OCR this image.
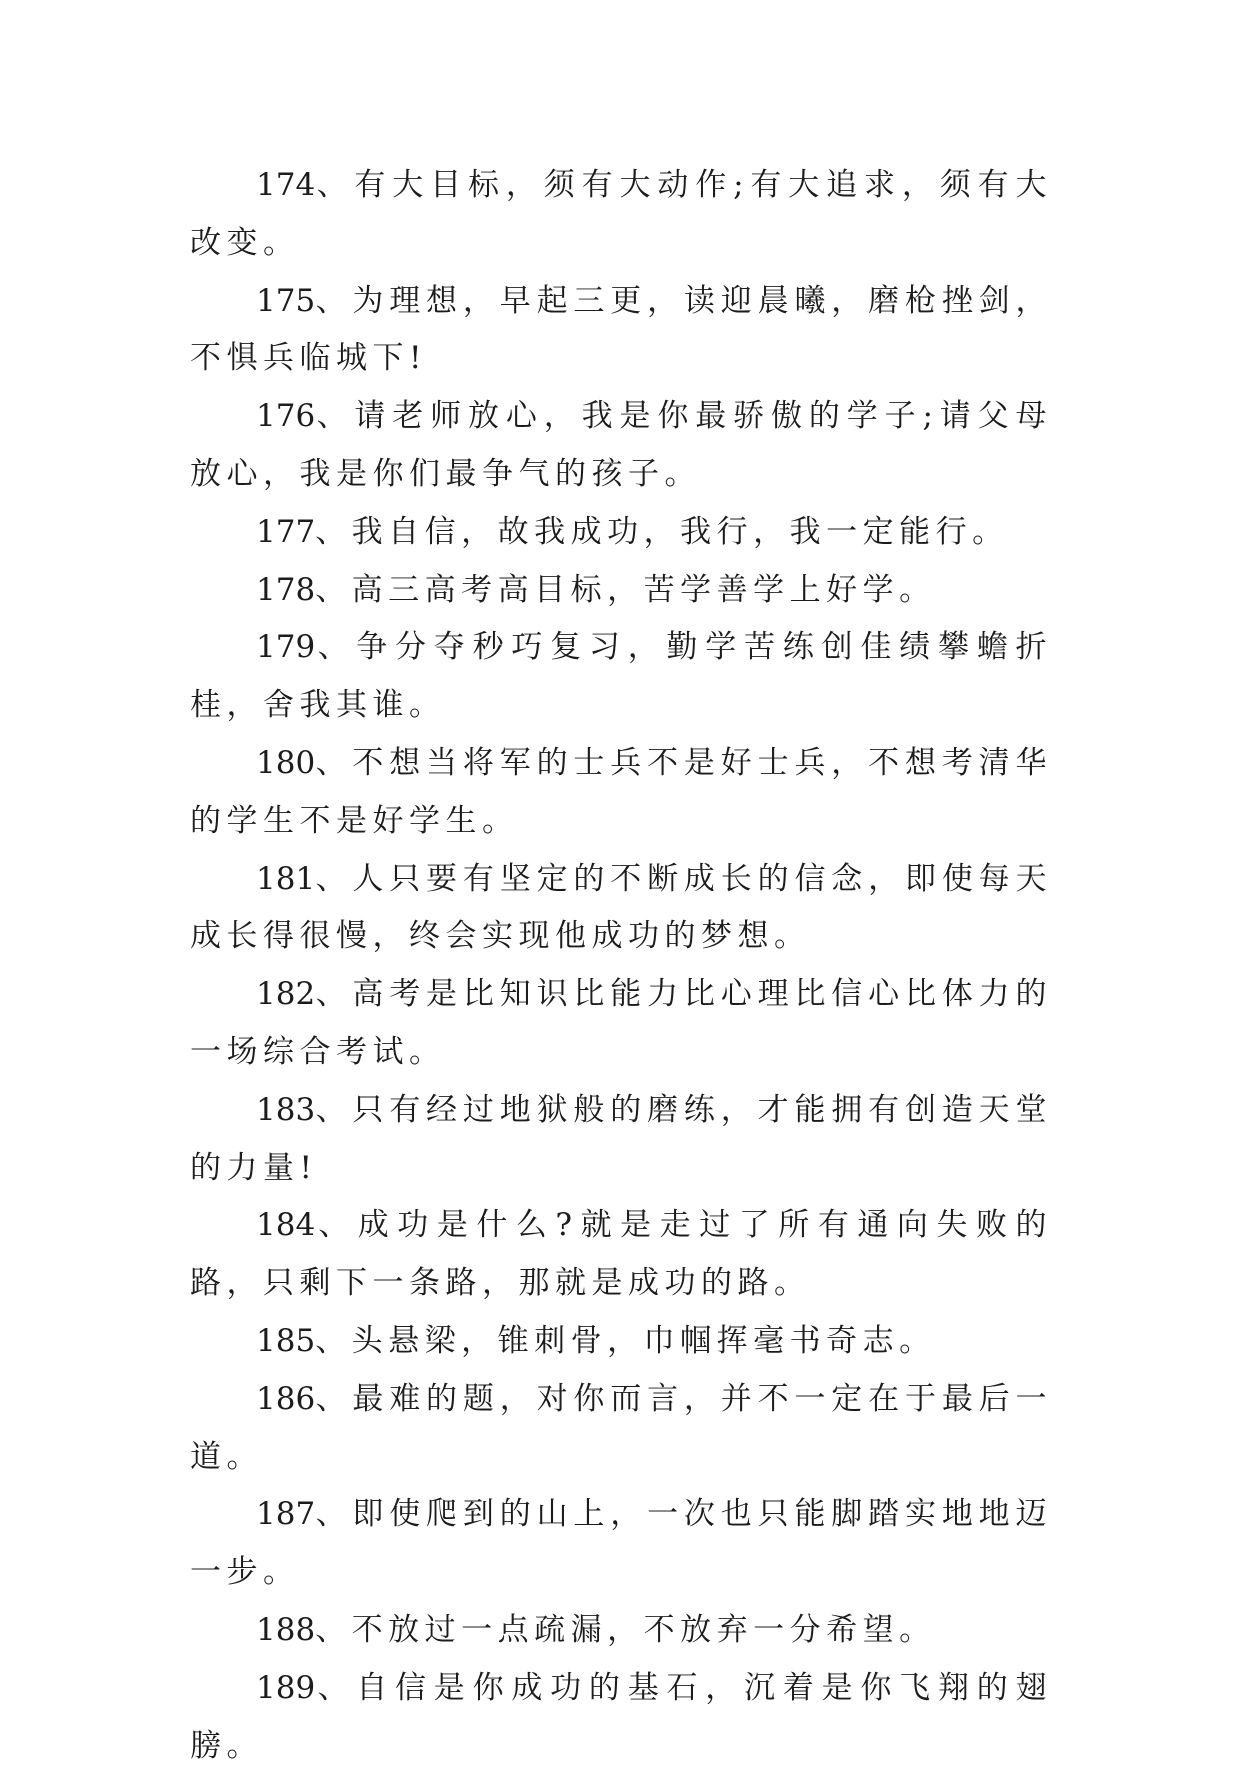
174、有大目标，须有大动作;有大追求，须有大改变。

175、为理想，早起三更，读迎晨曦，磨枪挫剑，不惧兵临城下!

176、请老师放心，我是你最骄傲的学子;请父母放心，我是你们最争气的孩子。

177、我自信，故我成功，我行，我一定能行。

178、高三高考高目标，苦学善学上好学。

179、争分夺秒巧复习，勤学苦练创佳绩攀蟾折桂，舍我其谁。

180、不想当将军的士兵不是好士兵，不想考清华的学生不是好学生。

181、人只要有坚定的不断成长的信念，即使每天成长得很慢，终会实现他成功的梦想。

182、高考是比知识比能力比心理比信心比体力的一场综合考试。

183、只有经过地狱般的磨练，才能拥有创造天堂的力量!

184、成功是什么?就是走过了所有通向失败的路，只剩下一条路，那就是成功的路。

185、头悬梁，锥刺骨，巾帼挥毫书奇志。

186、最难的题，对你而言，并不一定在于最后一道。

187、即使爬到的山上，一次也只能脚踏实地地迈一步。

188、不放过一点疏漏，不放弃一分希望。

189、自信是你成功的基石，沉着是你飞翔的翅膀。
